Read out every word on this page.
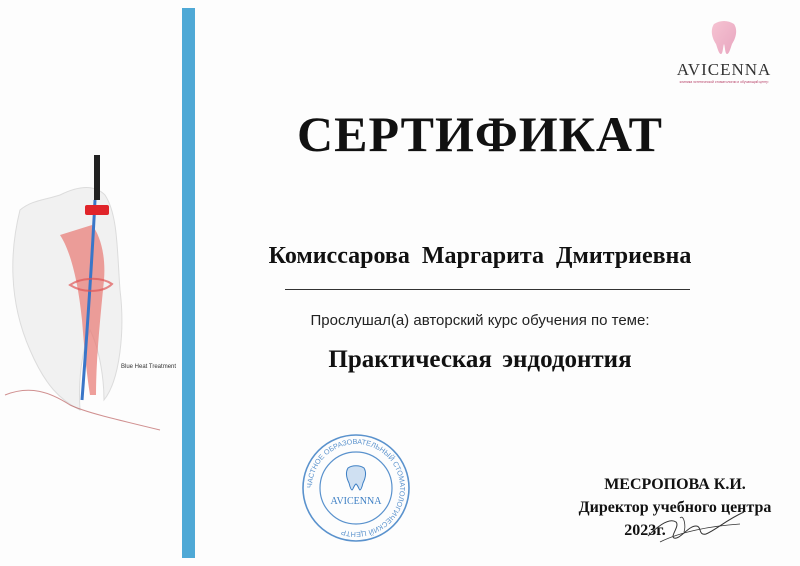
Blue Heat Treatment
AVICENNA
клиника эстетической стоматологии и обучающий центр
СЕРТИФИКАТ
Комиссарова Маргарита Дмитриевна
Прослушал(а) авторский курс обучения по теме:
Практическая эндодонтия
ЧАСТНОЕ ОБРАЗОВАТЕЛЬНЫЙ СТОМАТОЛОГИЧЕСКИЙ ЦЕНТР
AVICENNA
МЕСРОПОВА К.И.
Директор учебного центра

2023г.
